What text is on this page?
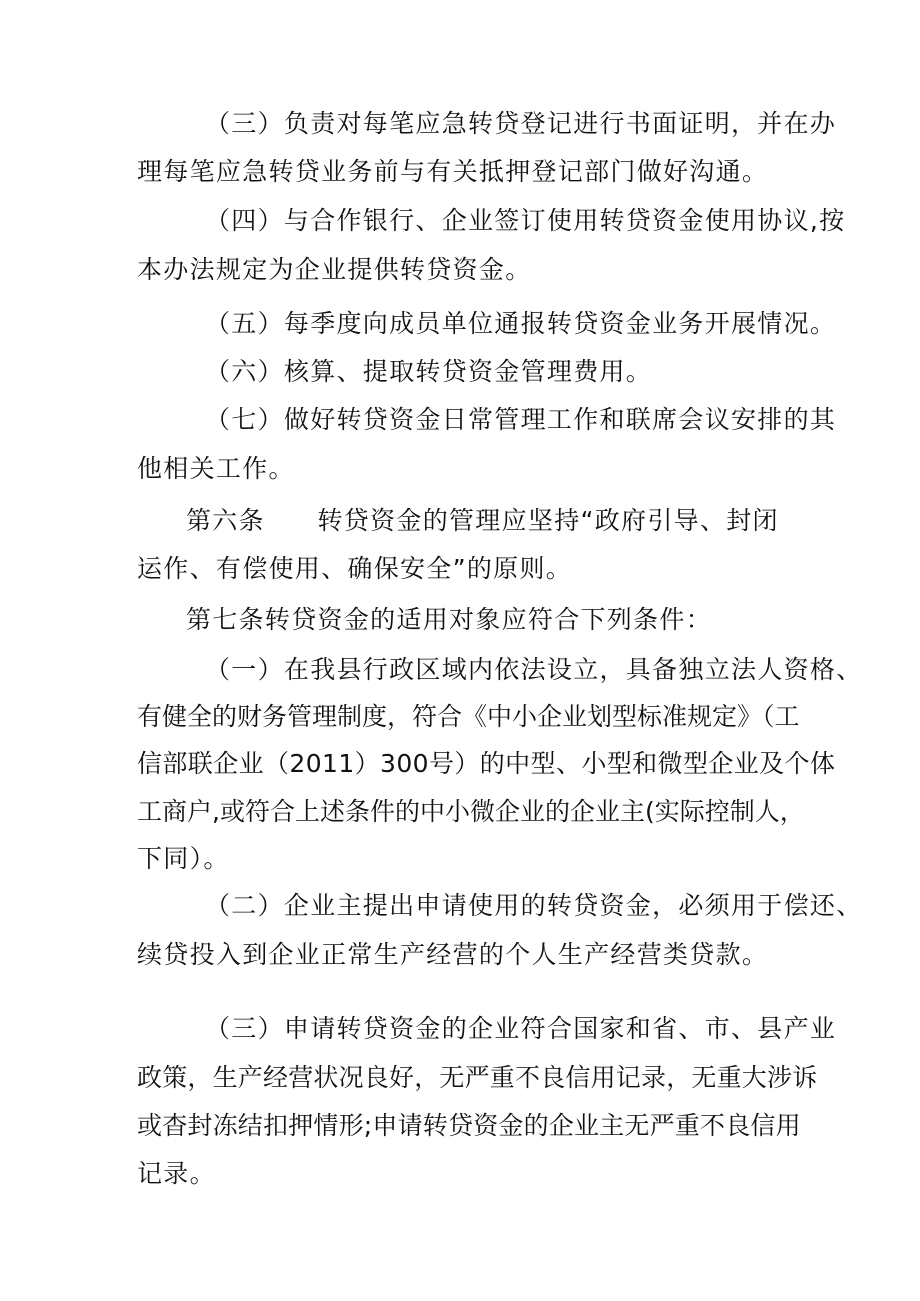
（三）负责对每笔应急转贷登记进行书面证明，并在办
理每笔应急转贷业务前与有关抵押登记部门做好沟通。
（四）与合作银行、企业签订使用转贷资金使用协议,按
本办法规定为企业提供转贷资金。
（五）每季度向成员单位通报转贷资金业务开展情况。
（六）核算、提取转贷资金管理费用。
（七）做好转贷资金日常管理工作和联席会议安排的其
他相关工作。
第六条　　转贷资金的管理应坚持“政府引导、封闭
运作、有偿使用、确保安全”的原则。
第七条转贷资金的适用对象应符合下列条件：
（一）在我县行政区域内依法设立，具备独立法人资格、
有健全的财务管理制度，符合《中小企业划型标准规定》（工
信部联企业（2011）300号）的中型、小型和微型企业及个体
工商户,或符合上述条件的中小微企业的企业主(实际控制人，
下同）。
（二）企业主提出申请使用的转贷资金，必须用于偿还、
续贷投入到企业正常生产经营的个人生产经营类贷款。
（三）申请转贷资金的企业符合国家和省、市、县产业
政策，生产经营状况良好，无严重不良信用记录，无重大涉诉
或杳封冻结扣押情形;申请转贷资金的企业主无严重不良信用
记录。
